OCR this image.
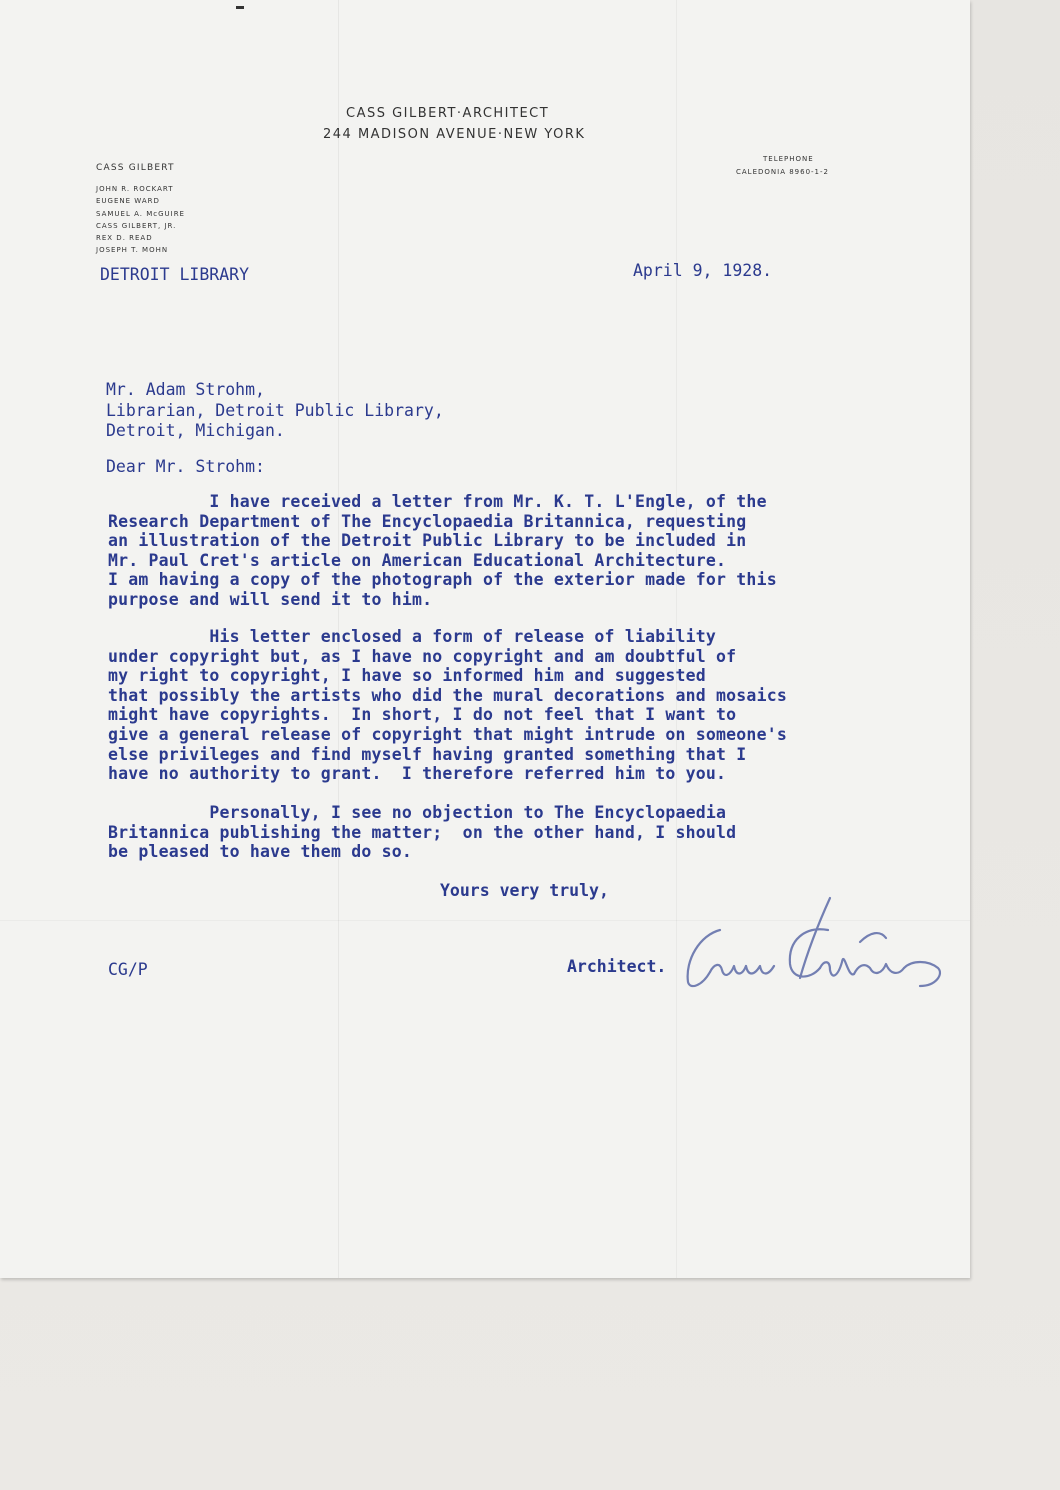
CASS GILBERT·ARCHITECT

244 MADISON AVENUE·NEW YORK

CASS GILBERT

JOHN R. ROCKART
EUGENE WARD
SAMUEL A. McGUIRE
CASS GILBERT, JR.
REX D. READ
JOSEPH T. MOHN

TELEPHONE

CALEDONIA 8960-1-2

DETROIT LIBRARY	April 9, 1928.

Mr. Adam Strohm,
Librarian, Detroit Public Library,
Detroit, Michigan.

Dear Mr. Strohm:

I have received a letter from Mr. K. T. L'Engle, of the
Research Department of The Encyclopaedia Britannica, requesting
an illustration of the Detroit Public Library to be included in
Mr. Paul Cret's article on American Educational Architecture.
I am having a copy of the photograph of the exterior made for this
purpose and will send it to him.

His letter enclosed a form of release of liability
under copyright but, as I have no copyright and am doubtful of
my right to copyright, I have so informed him and suggested
that possibly the artists who did the mural decorations and mosaics
might have copyrights.  In short, I do not feel that I want to
give a general release of copyright that might intrude on someone's
else privileges and find myself having granted something that I
have no authority to grant.  I therefore referred him to you.

Personally, I see no objection to The Encyclopaedia
Britannica publishing the matter;  on the other hand, I should
be pleased to have them do so.

Yours very truly,

Architect.

CG/P
